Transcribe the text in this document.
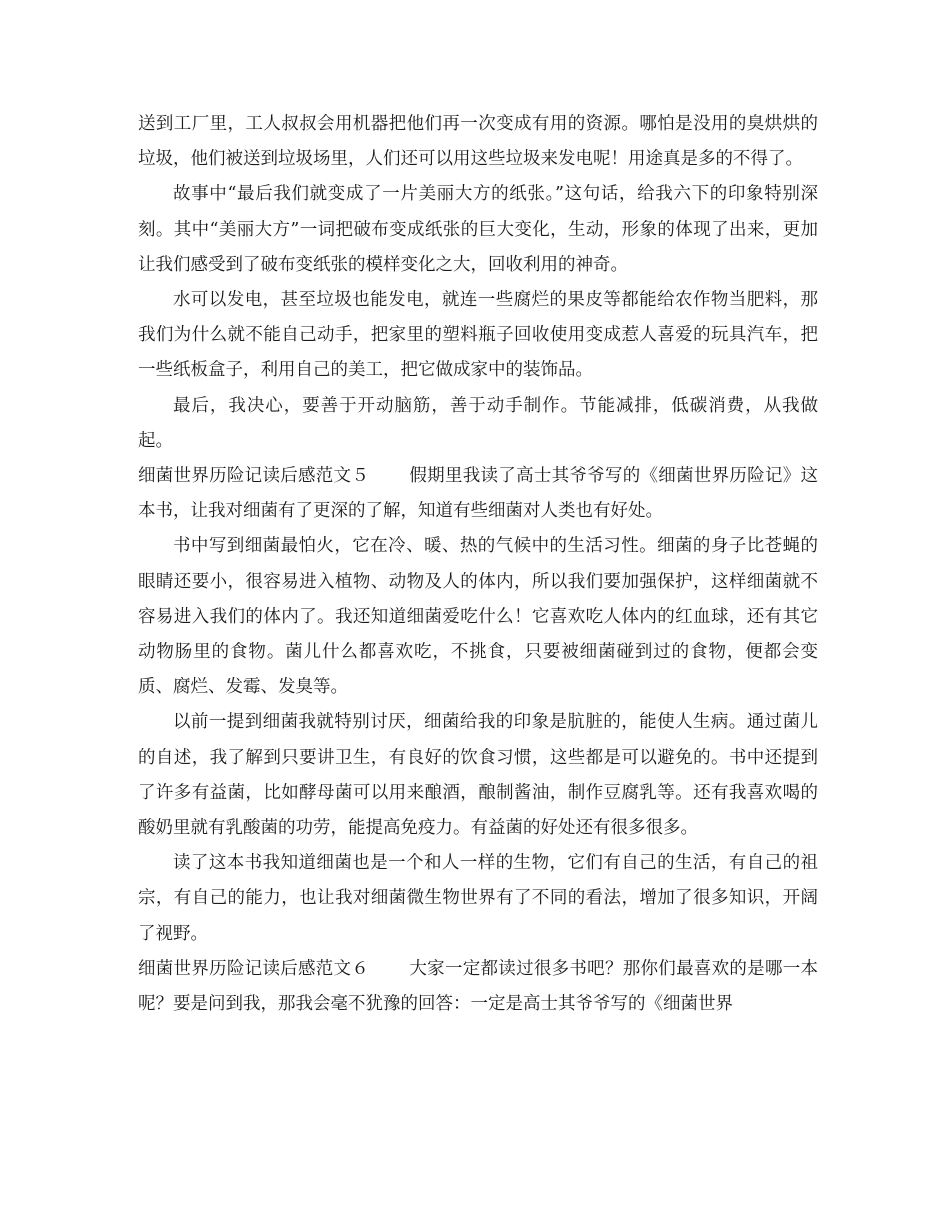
送到工厂里，工人叔叔会用机器把他们再一次变成有用的资源。哪怕是没用的臭烘烘的垃圾，他们被送到垃圾场里，人们还可以用这些垃圾来发电呢！用途真是多的不得了。

故事中“最后我们就变成了一片美丽大方的纸张。”这句话，给我六下的印象特别深刻。其中“美丽大方”一词把破布变成纸张的巨大变化，生动，形象的体现了出来，更加让我们感受到了破布变纸张的模样变化之大，回收利用的神奇。

水可以发电，甚至垃圾也能发电，就连一些腐烂的果皮等都能给农作物当肥料，那我们为什么就不能自己动手，把家里的塑料瓶子回收使用变成惹人喜爱的玩具汽车，把一些纸板盒子，利用自己的美工，把它做成家中的装饰品。

最后，我决心，要善于开动脑筋，善于动手制作。节能减排，低碳消费，从我做起。

细菌世界历险记读后感范文５ 假期里我读了高士其爷爷写的《细菌世界历险记》这本书，让我对细菌有了更深的了解，知道有些细菌对人类也有好处。

书中写到细菌最怕火，它在冷、暖、热的气候中的生活习性。细菌的身子比苍蝇的眼睛还要小，很容易进入植物、动物及人的体内，所以我们要加强保护，这样细菌就不容易进入我们的体内了。我还知道细菌爱吃什么！它喜欢吃人体内的红血球，还有其它动物肠里的食物。菌儿什么都喜欢吃，不挑食，只要被细菌碰到过的食物，便都会变质、腐烂、发霉、发臭等。

以前一提到细菌我就特别讨厌，细菌给我的印象是肮脏的，能使人生病。通过菌儿的自述，我了解到只要讲卫生，有良好的饮食习惯，这些都是可以避免的。书中还提到了许多有益菌，比如酵母菌可以用来酿酒，酿制酱油，制作豆腐乳等。还有我喜欢喝的酸奶里就有乳酸菌的功劳，能提高免疫力。有益菌的好处还有很多很多。

读了这本书我知道细菌也是一个和人一样的生物，它们有自己的生活，有自己的祖宗，有自己的能力，也让我对细菌微生物世界有了不同的看法，增加了很多知识，开阔了视野。

细菌世界历险记读后感范文６ 大家一定都读过很多书吧？那你们最喜欢的是哪一本呢？要是问到我，那我会毫不犹豫的回答：一定是高士其爷爷写的《细菌世界
